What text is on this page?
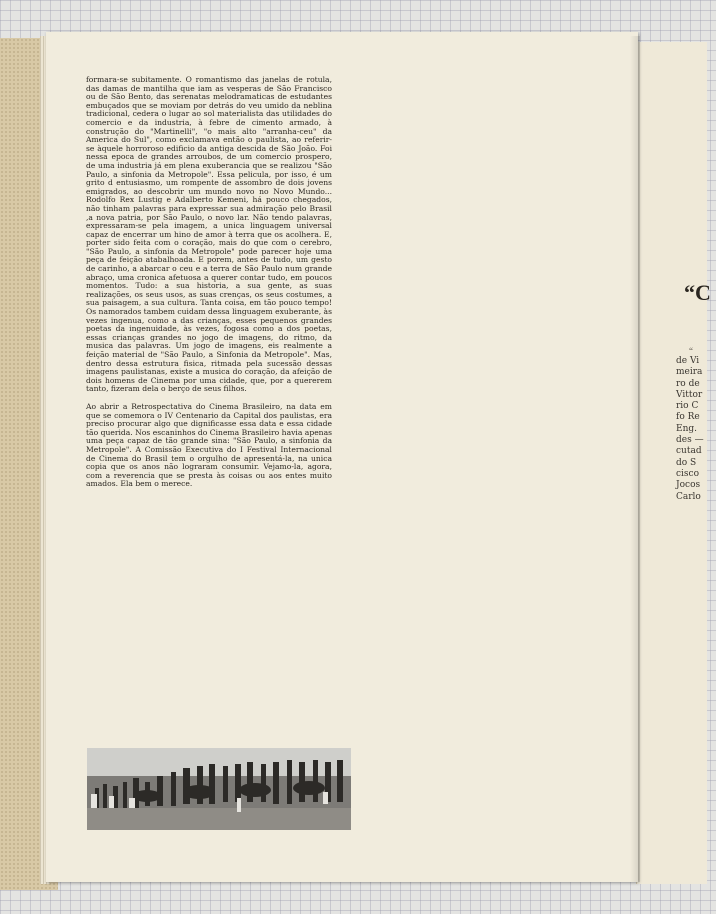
formara-se subitamente. O romantismo das janelas de rotula, das damas de mantilha que iam as vesperas de São Francisco ou de São Bento, das serenatas melodramaticas de estudantes embuçados que se moviam por detrás do veu umido da neblina tradicional, cedera o lugar ao sol materialista das utilidades do comercio e da industria, à febre de cimento armado, à construção do "Martinelli", "o mais alto "arranha-ceu" da America do Sul", como exclamava então o paulista, ao referir-se àquele horroroso edificio da antiga descida de São João. Foi nessa epoca de grandes arroubos, de um comercio prospero, de uma industria já em plena exuberancia que se realizou "São Paulo, a sinfonia da Metropole". Essa pelicula, por isso, é um grito d entusiasmo, um rompente de assombro de dois jovens emigrados, ao descobrir um mundo novo no Novo Mundo... Rodolfo Rex Lustig e Adalberto Kemeni, há pouco chegados, não tinham palavras para expressar sua admiração pelo Brasil ,a nova patria, por São Paulo, o novo lar. Não tendo palavras, expressaram-se pela imagem, a unica linguagem universal capaz de encerrar um hino de amor à terra que os acolhera. E, porter sido feita com o coração, mais do que com o cerebro, "São Paulo, a sinfonia da Metropole" pode parecer hoje uma peça de feição atabalhoada. E porem, antes de tudo, um gesto de carinho, a abarcar o ceu e a terra de São Paulo num grande abraço, uma cronica afetuosa a querer contar tudo, em poucos momentos. Tudo: a sua historia, a sua gente, as suas realizações, os seus usos, as suas crenças, os seus costumes, a sua paisagem, a sua cultura. Tanta coisa, em tão pouco tempo! Os namorados tambem cuidam dessa linguagem exuberante, às vezes ingenua, como a das crianças, esses pequenos grandes poetas da ingenuidade, às vezes, fogosa como a dos poetas, essas crianças grandes no jogo de imagens, do ritmo, da musica das palavras. Um jogo de imagens, eis realmente a feição material de "São Paulo, a Sinfonia da Metropole". Mas, dentro dessa estrutura fisica, ritmada pela sucessão dessas imagens paulistanas, existe a musica do coração, da afeição de dois homens de Cinema por uma cidade, que, por a quererem tanto, fizeram dela o berço de seus filhos.

Ao abrir a Retrospectativa do Cinema Brasileiro, na data em que se comemora o IV Centenario da Capital dos paulistas, era preciso procurar algo que dignificasse essa data e essa cidade tão querida. Nos escaninhos do Cinema Brasileiro havia apenas uma peça capaz de tão grande sina: "São Paulo, a sinfonia da Metropole". A Comissão Executiva do I Festival Internacional de Cinema do Brasil tem o orgulho de apresentá-la, na unica copia que os anos não lograram consumir. Vejamo-la, agora, com a reverencia que se presta às coisas ou aos entes muito amados. Ela bem o merece.

“C
“
de Vi
meira
ro de
Vittor
rio C
fo Re
Eng.
des —
cutad
do S
cisco
Jocos
Carlo
